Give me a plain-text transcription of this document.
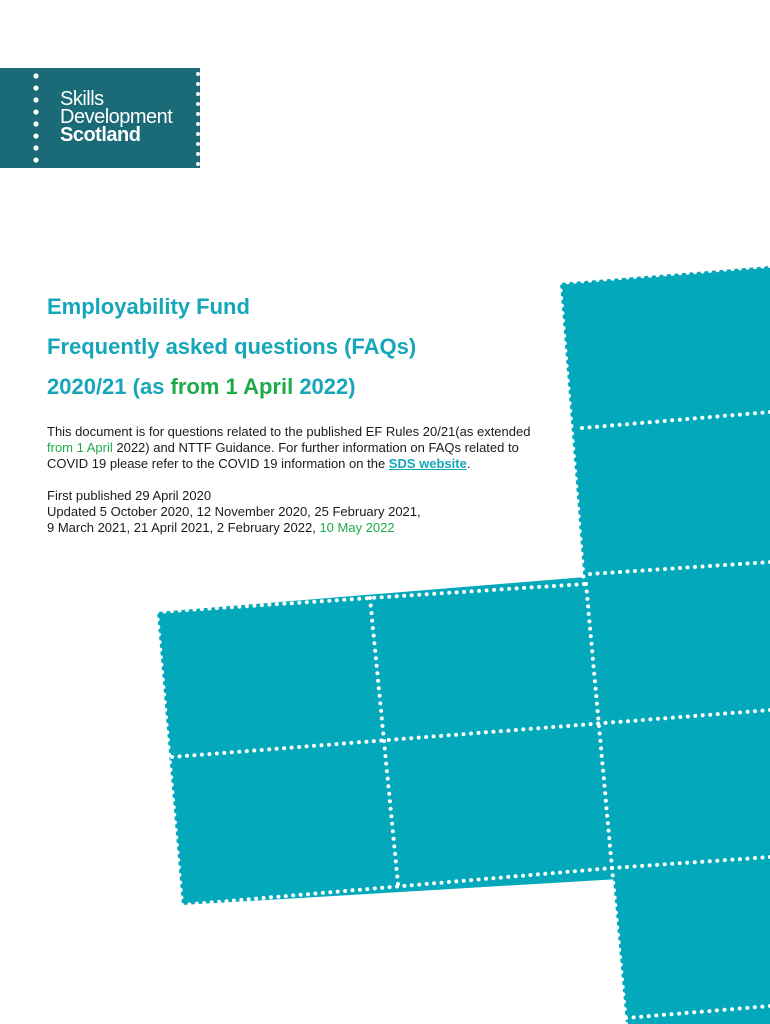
Skills
Development
Scotland
Employability Fund
Frequently asked questions (FAQs)
2020/21 (as from 1 April 2022)

This document is for questions related to the published EF Rules 20/21(as extended from 1 April 2022) and NTTF Guidance. For further information on FAQs related to COVID 19 please refer to the COVID 19 information on the SDS website.

First published 29 April 2020

Updated 5 October 2020, 12 November 2020, 25 February 2021,

9 March 2021, 21 April 2021, 2 February 2022, 10 May 2022
